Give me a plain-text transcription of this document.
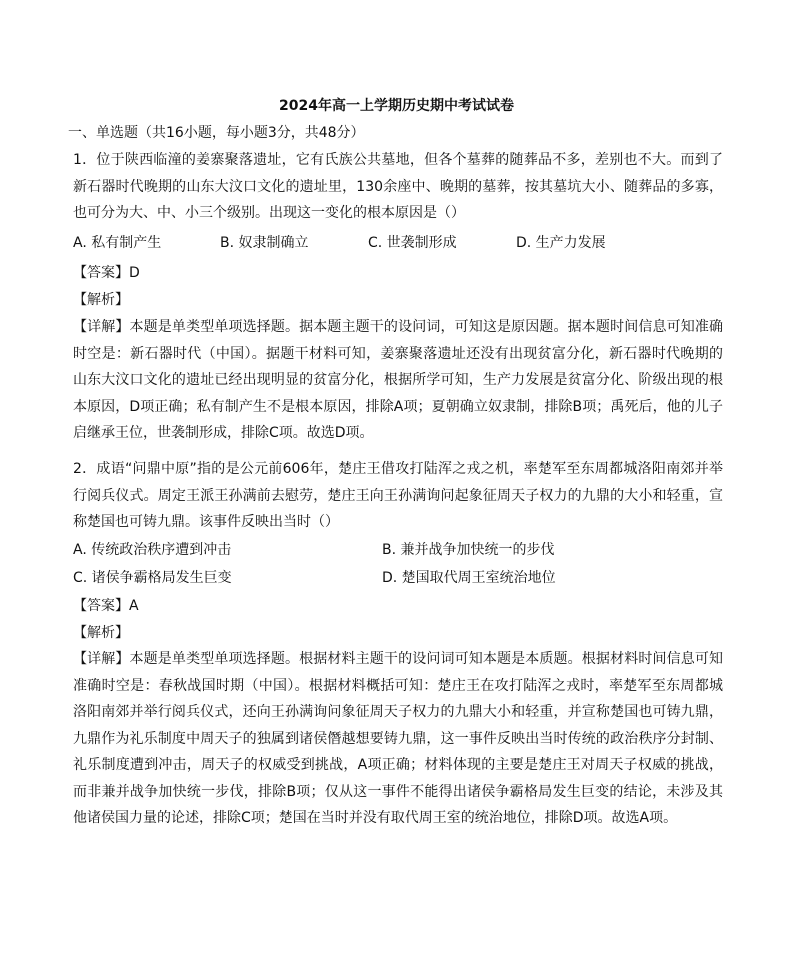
2024年高一上学期历史期中考试试卷
一、单选题（共16小题，每小题3分，共48分）
1．位于陕西临潼的姜寨聚落遗址，它有氏族公共墓地，但各个墓葬的随葬品不多，差别也不大。而到了新石器时代晚期的山东大汶口文化的遗址里，130余座中、晚期的墓葬，按其墓坑大小、随葬品的多寡，也可分为大、中、小三个级别。出现这一变化的根本原因是（）
A. 私有制产生	B. 奴隶制确立	C. 世袭制形成	D. 生产力发展
【答案】D
【解析】
【详解】本题是单类型单项选择题。据本题主题干的设问词，可知这是原因题。据本题时间信息可知准确时空是：新石器时代（中国）。据题干材料可知，姜寨聚落遗址还没有出现贫富分化，新石器时代晚期的山东大汶口文化的遗址已经出现明显的贫富分化，根据所学可知，生产力发展是贫富分化、阶级出现的根本原因，D项正确；私有制产生不是根本原因，排除A项；夏朝确立奴隶制，排除B项；禹死后，他的儿子启继承王位，世袭制形成，排除C项。故选D项。
2．成语“问鼎中原”指的是公元前606年，楚庄王借攻打陆浑之戎之机，率楚军至东周都城洛阳南郊并举行阅兵仪式。周定王派王孙满前去慰劳，楚庄王向王孙满询问起象征周天子权力的九鼎的大小和轻重，宣称楚国也可铸九鼎。该事件反映出当时（）
A. 传统政治秩序遭到冲击	B. 兼并战争加快统一的步伐
C. 诸侯争霸格局发生巨变	D. 楚国取代周王室统治地位
【答案】A
【解析】
【详解】本题是单类型单项选择题。根据材料主题干的设问词可知本题是本质题。根据材料时间信息可知准确时空是：春秋战国时期（中国）。根据材料概括可知：楚庄王在攻打陆浑之戎时，率楚军至东周都城洛阳南郊并举行阅兵仪式，还向王孙满询问象征周天子权力的九鼎大小和轻重，并宣称楚国也可铸九鼎，九鼎作为礼乐制度中周天子的独属到诸侯僭越想要铸九鼎，这一事件反映出当时传统的政治秩序分封制、礼乐制度遭到冲击，周天子的权威受到挑战，A项正确；材料体现的主要是楚庄王对周天子权威的挑战，而非兼并战争加快统一步伐，排除B项；仅从这一事件不能得出诸侯争霸格局发生巨变的结论，未涉及其他诸侯国力量的论述，排除C项；楚国在当时并没有取代周王室的统治地位，排除D项。故选A项。
